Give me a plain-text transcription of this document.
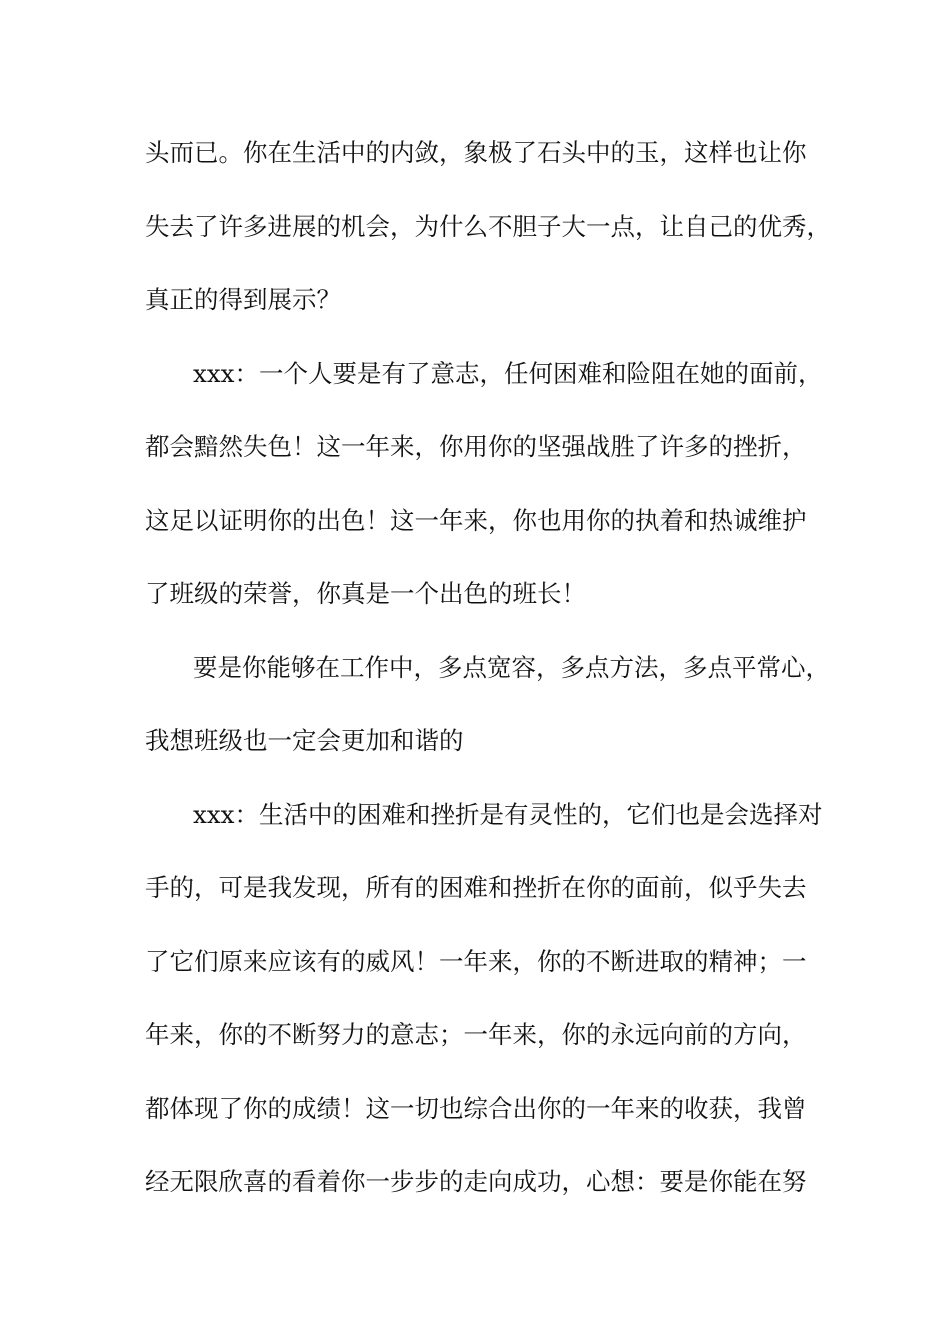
头而已。你在生活中的内敛，象极了石头中的玉，这样也让你
失去了许多进展的机会，为什么不胆子大一点，让自己的优秀，
真正的得到展示？
xxx：一个人要是有了意志，任何困难和险阻在她的面前，
都会黯然失色！这一年来，你用你的坚强战胜了许多的挫折，
这足以证明你的出色！这一年来，你也用你的执着和热诚维护
了班级的荣誉，你真是一个出色的班长！
要是你能够在工作中，多点宽容，多点方法，多点平常心，
我想班级也一定会更加和谐的
xxx：生活中的困难和挫折是有灵性的，它们也是会选择对
手的，可是我发现，所有的困难和挫折在你的面前，似乎失去
了它们原来应该有的威风！一年来，你的不断进取的精神；一
年来，你的不断努力的意志；一年来，你的永远向前的方向，
都体现了你的成绩！这一切也综合出你的一年来的收获，我曾
经无限欣喜的看着你一步步的走向成功，心想：要是你能在努
